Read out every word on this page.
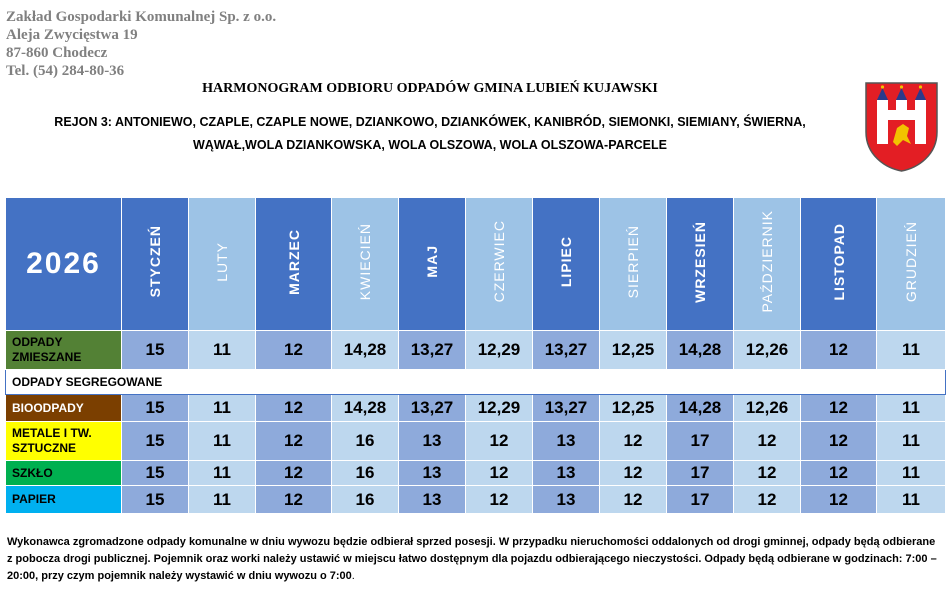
Zakład Gospodarki Komunalnej Sp. z o.o.
Aleja Zwycięstwa 19
87-860 Chodecz
Tel. (54) 284-80-36
HARMONOGRAM ODBIORU ODPADÓW GMINA LUBIEŃ KUJAWSKI
REJON 3: ANTONIEWO, CZAPLE, CZAPLE NOWE, DZIANKOWO, DZIANKÓWEK, KANIBRÓD, SIEMONKI, SIEMIANY, ŚWIERNA,
WĄWAŁ,WOLA DZIANKOWSKA, WOLA OLSZOWA, WOLA OLSZOWA-PARCELE
2026	STYCZEŃ	LUTY	MARZEC	KWIECIEŃ	MAJ	CZERWIEC	LIPIEC	SIERPIEŃ	WRZESIEŃ	PAŹDZIERNIK	LISTOPAD	GRUDZIEŃ
ODPADY ZMIESZANE	15	11	12	14,28	13,27	12,29	13,27	12,25	14,28	12,26	12	11
ODPADY SEGREGOWANE												
BIOODPADY	15	11	12	14,28	13,27	12,29	13,27	12,25	14,28	12,26	12	11
METALE I TW. SZTUCZNE	15	11	12	16	13	12	13	12	17	12	12	11
SZKŁO	15	11	12	16	13	12	13	12	17	12	12	11
PAPIER	15	11	12	16	13	12	13	12	17	12	12	11
Wykonawca zgromadzone odpady komunalne w dniu wywozu będzie odbierał sprzed posesji. W przypadku nieruchomości oddalonych od drogi gminnej, odpady będą odbierane z pobocza drogi publicznej. Pojemnik oraz worki należy ustawić w miejscu łatwo dostępnym dla pojazdu odbierającego nieczystości. Odpady będą odbierane w godzinach: 7:00 – 20:00, przy czym pojemnik należy wystawić w dniu wywozu o 7:00.
